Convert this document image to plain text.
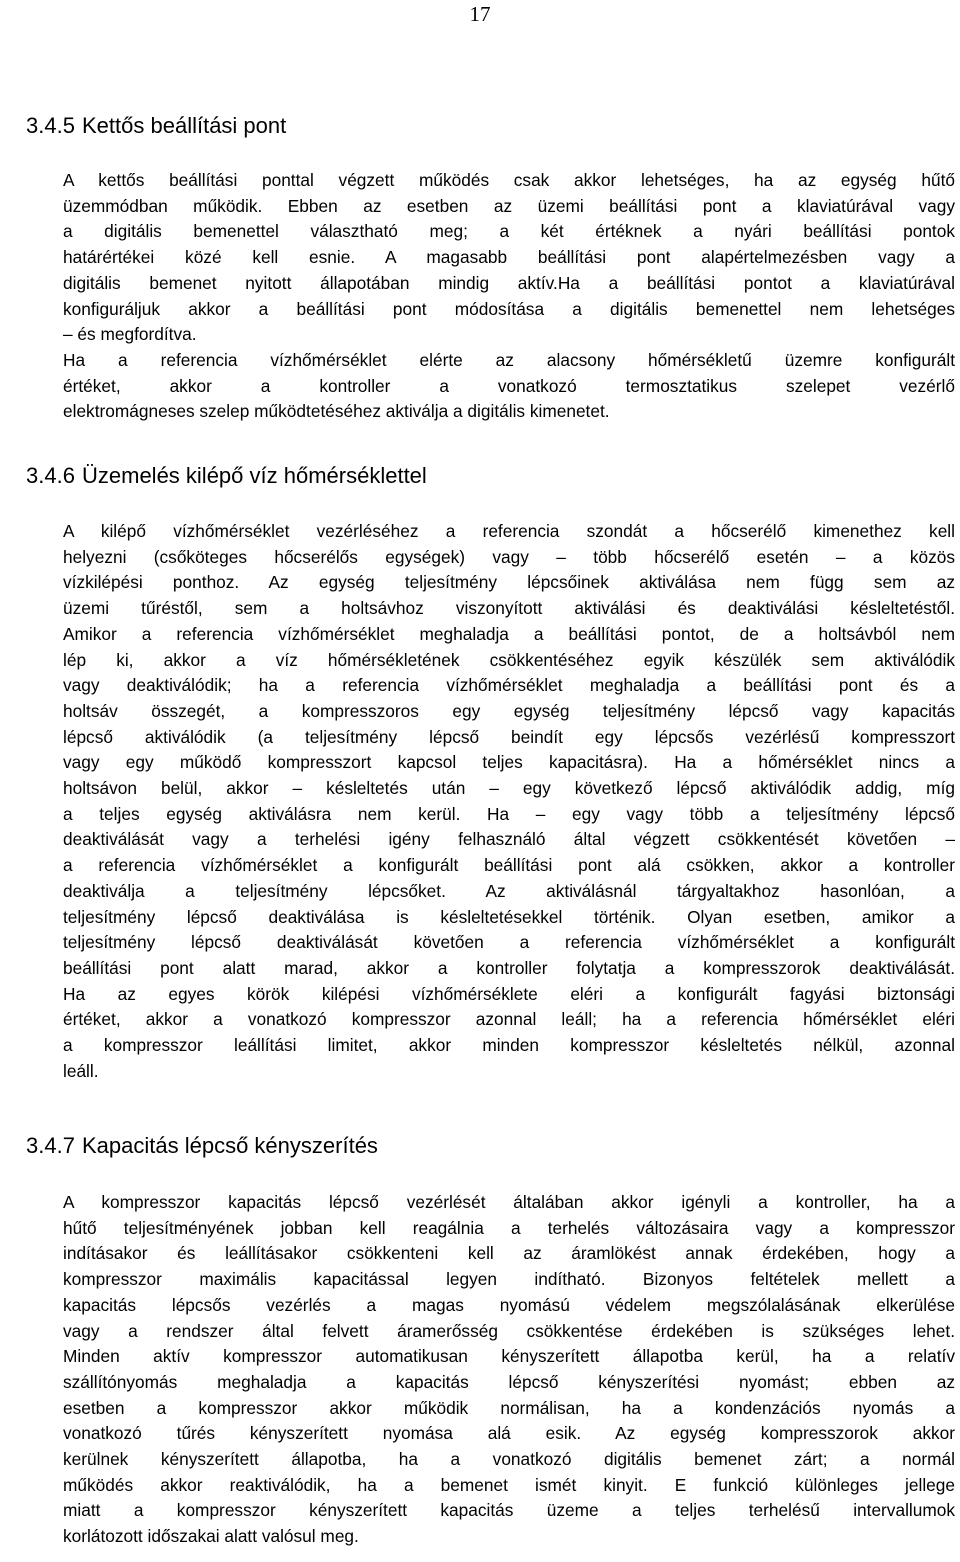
17
3.4.5 Kettős beállítási pont
A kettős beállítási ponttal végzett működés csak akkor lehetséges, ha az egység hűtő
üzemmódban működik. Ebben az esetben az üzemi beállítási pont a klaviatúrával vagy
a digitális bemenettel választható meg; a két értéknek a nyári beállítási pontok
határértékei közé kell esnie. A magasabb beállítási pont alapértelmezésben vagy a
digitális bemenet nyitott állapotában mindig aktív.Ha a beállítási pontot a klaviatúrával
konfiguráljuk akkor a beállítási pont módosítása a digitális bemenettel nem lehetséges
– és megfordítva.
Ha a referencia vízhőmérséklet elérte az alacsony hőmérsékletű üzemre konfigurált
értéket, akkor a kontroller a vonatkozó termosztatikus szelepet vezérlő
elektromágneses szelep működtetéséhez aktiválja a digitális kimenetet.
3.4.6 Üzemelés kilépő víz hőmérséklettel
A kilépő vízhőmérséklet vezérléséhez a referencia szondát a hőcserélő kimenethez kell
helyezni (csőköteges hőcserélős egységek) vagy – több hőcserélő esetén – a közös
vízkilépési ponthoz. Az egység teljesítmény lépcsőinek aktiválása nem függ sem az
üzemi tűréstől, sem a holtsávhoz viszonyított aktiválási és deaktiválási késleltetéstől.
Amikor a referencia vízhőmérséklet meghaladja a beállítási pontot, de a holtsávból nem
lép ki, akkor a víz hőmérsékletének csökkentéséhez egyik készülék sem aktiválódik
vagy deaktiválódik; ha a referencia vízhőmérséklet meghaladja a beállítási pont és a
holtsáv összegét, a kompresszoros egy egység teljesítmény lépcső vagy kapacitás
lépcső aktiválódik (a teljesítmény lépcső beindít egy lépcsős vezérlésű kompresszort
vagy egy működő kompresszort kapcsol teljes kapacitásra). Ha a hőmérséklet nincs a
holtsávon belül, akkor – késleltetés után – egy következő lépcső aktiválódik addig, míg
a teljes egység aktiválásra nem kerül. Ha – egy vagy több a teljesítmény lépcső
deaktiválását vagy a terhelési igény felhasználó által végzett csökkentését követően –
a referencia vízhőmérséklet a konfigurált beállítási pont alá csökken, akkor a kontroller
deaktiválja a teljesítmény lépcsőket. Az aktiválásnál tárgyaltakhoz hasonlóan, a
teljesítmény lépcső deaktiválása is késleltetésekkel történik. Olyan esetben, amikor a
teljesítmény lépcső deaktiválását követően a referencia vízhőmérséklet a konfigurált
beállítási pont alatt marad, akkor a kontroller folytatja a kompresszorok deaktiválását.
Ha az egyes körök kilépési vízhőmérséklete eléri a konfigurált fagyási biztonsági
értéket, akkor a vonatkozó kompresszor azonnal leáll; ha a referencia hőmérséklet eléri
a kompresszor leállítási limitet, akkor minden kompresszor késleltetés nélkül, azonnal
leáll.
3.4.7 Kapacitás lépcső kényszerítés
A kompresszor kapacitás lépcső vezérlését általában akkor igényli a kontroller, ha a
hűtő teljesítményének jobban kell reagálnia a terhelés változásaira vagy a kompresszor
indításakor és leállításakor csökkenteni kell az áramlökést annak érdekében, hogy a
kompresszor maximális kapacitással legyen indítható. Bizonyos feltételek mellett a
kapacitás lépcsős vezérlés a magas nyomású védelem megszólalásának elkerülése
vagy a rendszer által felvett áramerősség csökkentése érdekében is szükséges lehet.
Minden aktív kompresszor automatikusan kényszerített állapotba kerül, ha a relatív
szállítónyomás meghaladja a kapacitás lépcső kényszerítési nyomást; ebben az
esetben a kompresszor akkor működik normálisan, ha a kondenzációs nyomás a
vonatkozó tűrés kényszerített nyomása alá esik. Az egység kompresszorok akkor
kerülnek kényszerített állapotba, ha a vonatkozó digitális bemenet zárt; a normál
működés akkor reaktiválódik, ha a bemenet ismét kinyit. E funkció különleges jellege
miatt a kompresszor kényszerített kapacitás üzeme a teljes terhelésű intervallumok
korlátozott időszakai alatt valósul meg.
